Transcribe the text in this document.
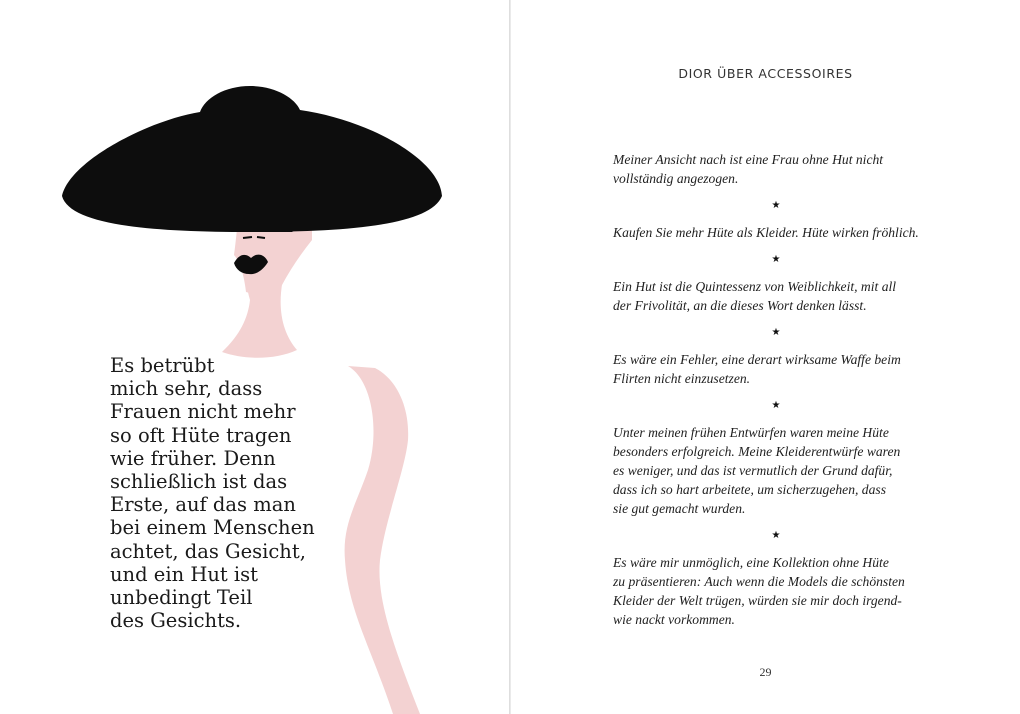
Es betrübt
mich sehr, dass
Frauen nicht mehr
so oft Hüte tragen
wie früher. Denn
schließlich ist das
Erste, auf das man
bei einem Menschen
achtet, das Gesicht,
und ein Hut ist
unbedingt Teil
des Gesichts.
DIOR ÜBER ACCESSOIRES
Meiner Ansicht nach ist eine Frau ohne Hut nicht
vollständig angezogen.
★
Kaufen Sie mehr Hüte als Kleider. Hüte wirken fröhlich.
★
Ein Hut ist die Quintessenz von Weiblichkeit, mit all
der Frivolität, an die dieses Wort denken lässt.
★
Es wäre ein Fehler, eine derart wirksame Waffe beim
Flirten nicht einzusetzen.
★
Unter meinen frühen Entwürfen waren meine Hüte
besonders erfolgreich. Meine Kleiderentwürfe waren
es weniger, und das ist vermutlich der Grund dafür,
dass ich so hart arbeitete, um sicherzugehen, dass
sie gut gemacht wurden.
★
Es wäre mir unmöglich, eine Kollektion ohne Hüte
zu präsentieren: Auch wenn die Models die schönsten
Kleider der Welt trügen, würden sie mir doch irgend-
wie nackt vorkommen.
29
